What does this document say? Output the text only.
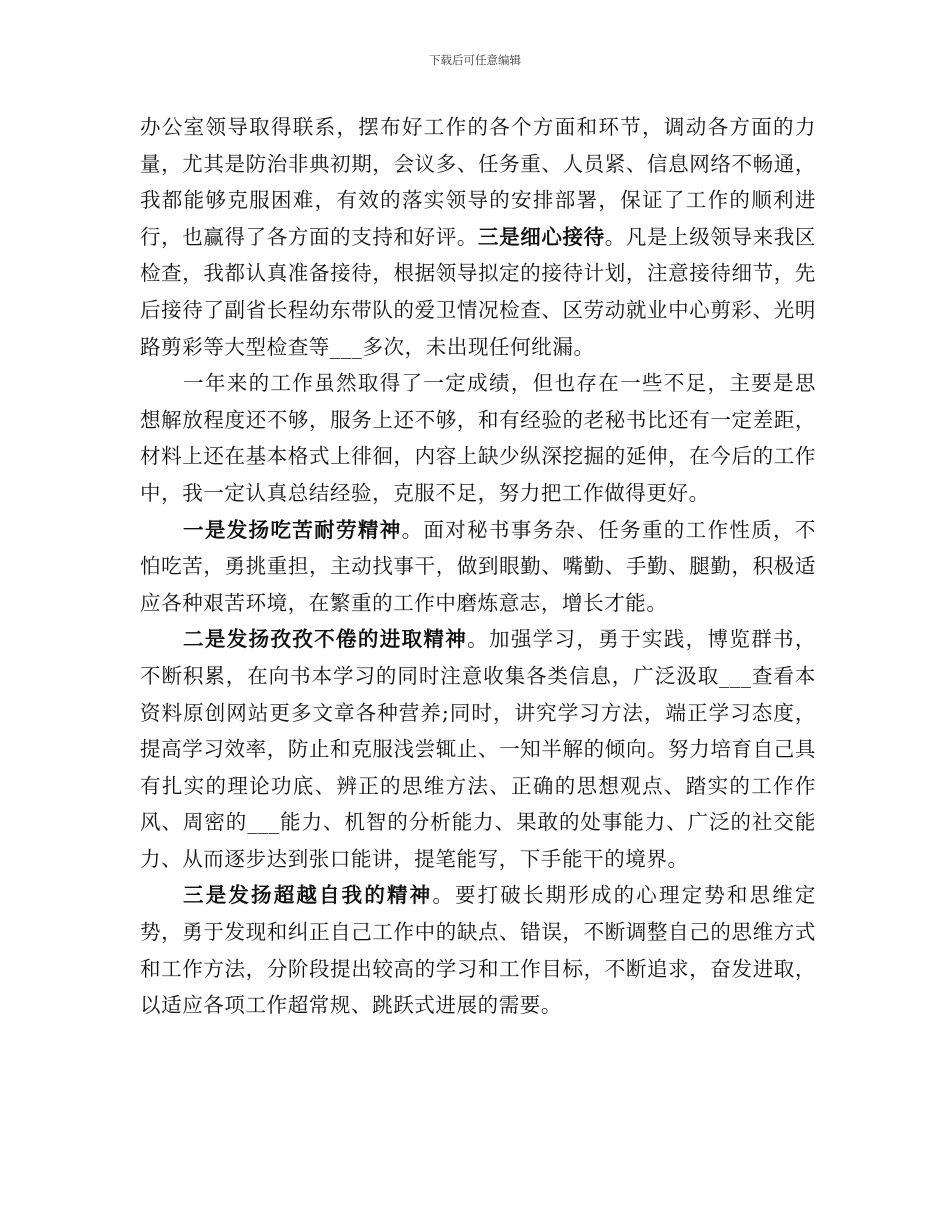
下载后可任意编辑

办公室领导取得联系，摆布好工作的各个方面和环节，调动各方面的力量，尤其是防治非典初期，会议多、任务重、人员紧、信息网络不畅通，我都能够克服困难，有效的落实领导的安排部署，保证了工作的顺利进行，也赢得了各方面的支持和好评。三是细心接待。凡是上级领导来我区检查，我都认真准备接待，根据领导拟定的接待计划，注意接待细节，先后接待了副省长程幼东带队的爱卫情况检查、区劳动就业中心剪彩、光明路剪彩等大型检查等___多次，未出现任何纰漏。

一年来的工作虽然取得了一定成绩，但也存在一些不足，主要是思想解放程度还不够，服务上还不够，和有经验的老秘书比还有一定差距，材料上还在基本格式上徘徊，内容上缺少纵深挖掘的延伸，在今后的工作中，我一定认真总结经验，克服不足，努力把工作做得更好。

一是发扬吃苦耐劳精神。面对秘书事务杂、任务重的工作性质，不怕吃苦，勇挑重担，主动找事干，做到眼勤、嘴勤、手勤、腿勤，积极适应各种艰苦环境，在繁重的工作中磨炼意志，增长才能。

二是发扬孜孜不倦的进取精神。加强学习，勇于实践，博览群书，不断积累，在向书本学习的同时注意收集各类信息，广泛汲取___查看本资料原创网站更多文章各种营养;同时，讲究学习方法，端正学习态度，提高学习效率，防止和克服浅尝辄止、一知半解的倾向。努力培育自己具有扎实的理论功底、辨正的思维方法、正确的思想观点、踏实的工作作风、周密的___能力、机智的分析能力、果敢的处事能力、广泛的社交能力、从而逐步达到张口能讲，提笔能写，下手能干的境界。

三是发扬超越自我的精神。要打破长期形成的心理定势和思维定势，勇于发现和纠正自己工作中的缺点、错误，不断调整自己的思维方式和工作方法，分阶段提出较高的学习和工作目标，不断追求，奋发进取，以适应各项工作超常规、跳跃式进展的需要。
